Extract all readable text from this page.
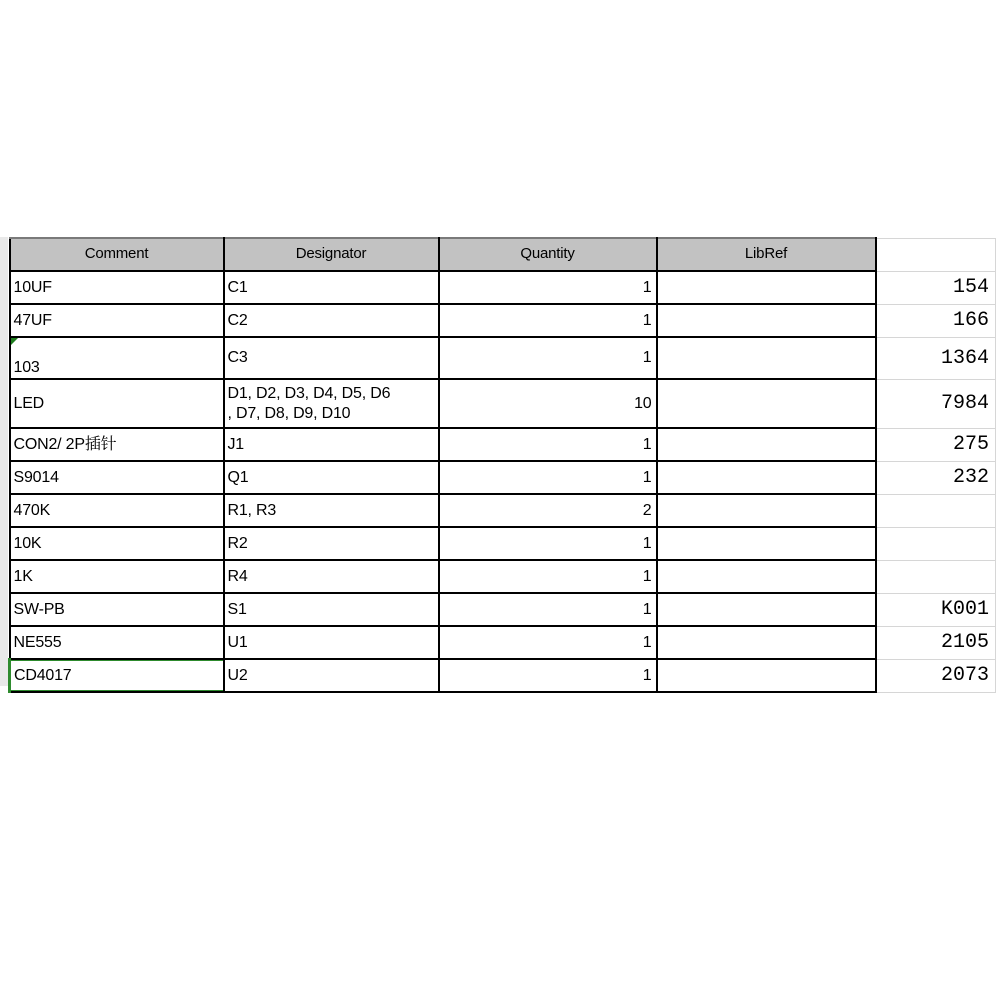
Comment	Designator	Quantity	LibRef	
10UF	C1	1		154
47UF	C2	1		166

103	C3	1		1364
LED	D1, D2, D3, D4, D5, D6
, D7, D8, D9, D10	10		7984
CON2/ 2P插针	J1	1		275
S9014	Q1	1		232
470K	R1, R3	2		
10K	R2	1		
1K	R4	1		
SW-PB	S1	1		K001
NE555	U1	1		2105
CD4017	U2	1		2073
